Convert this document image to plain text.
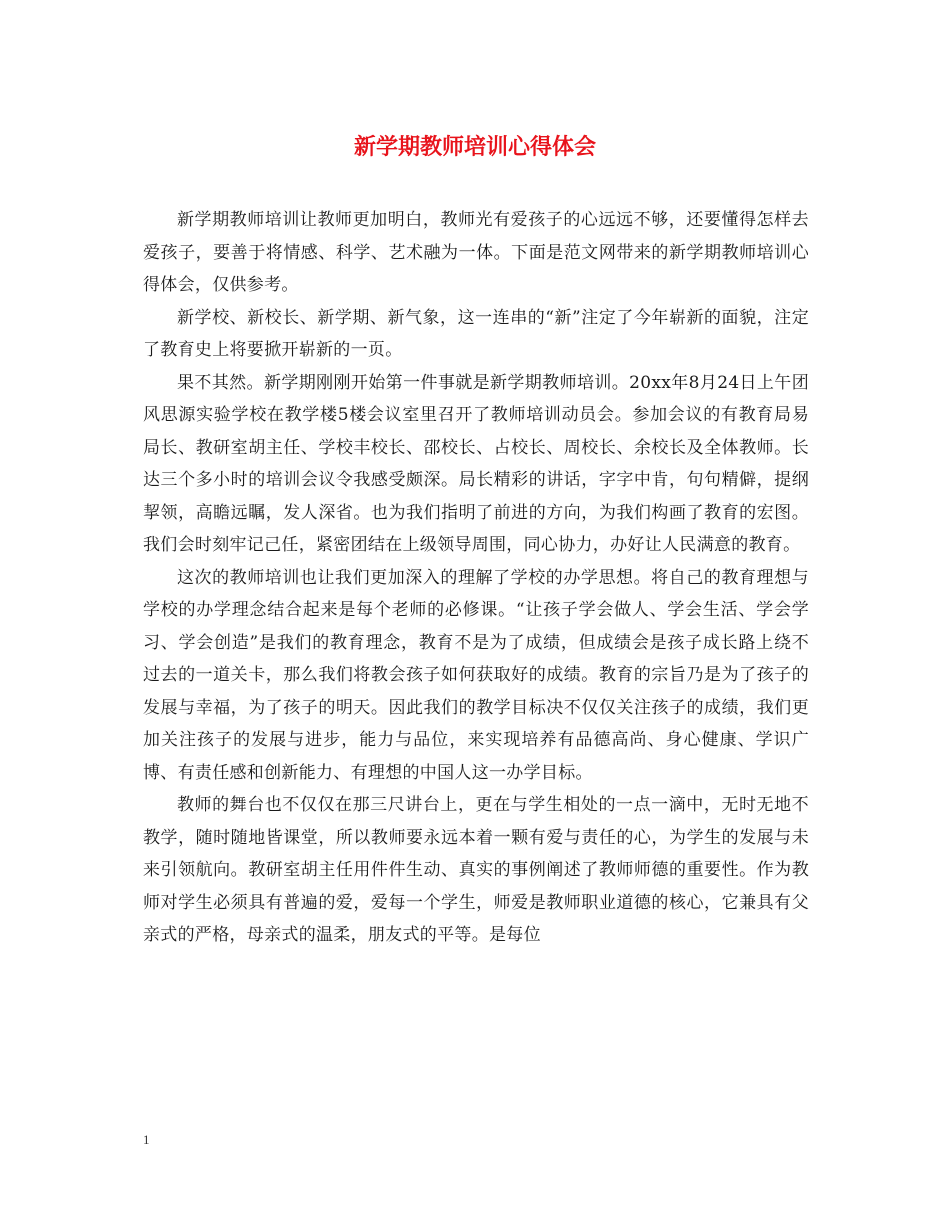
新学期教师培训心得体会

新学期教师培训让教师更加明白，教师光有爱孩子的心远远不够，还要懂得怎样去爱孩子，要善于将情感、科学、艺术融为一体。下面是范文网带来的新学期教师培训心得体会，仅供参考。

新学校、新校长、新学期、新气象，这一连串的“新”注定了今年崭新的面貌，注定了教育史上将要掀开崭新的一页。

果不其然。新学期刚刚开始第一件事就是新学期教师培训。20xx年8月24日上午团风思源实验学校在教学楼5楼会议室里召开了教师培训动员会。参加会议的有教育局易局长、教研室胡主任、学校丰校长、邵校长、占校长、周校长、余校长及全体教师。长达三个多小时的培训会议令我感受颇深。局长精彩的讲话，字字中肯，句句精僻，提纲挈领，高瞻远瞩，发人深省。也为我们指明了前进的方向，为我们构画了教育的宏图。我们会时刻牢记己任，紧密团结在上级领导周围，同心协力，办好让人民满意的教育。

这次的教师培训也让我们更加深入的理解了学校的办学思想。将自己的教育理想与学校的办学理念结合起来是每个老师的必修课。“让孩子学会做人、学会生活、学会学习、学会创造”是我们的教育理念，教育不是为了成绩，但成绩会是孩子成长路上绕不过去的一道关卡，那么我们将教会孩子如何获取好的成绩。教育的宗旨乃是为了孩子的发展与幸福，为了孩子的明天。因此我们的教学目标决不仅仅关注孩子的成绩，我们更加关注孩子的发展与进步，能力与品位，来实现培养有品德高尚、身心健康、学识广博、有责任感和创新能力、有理想的中国人这一办学目标。

教师的舞台也不仅仅在那三尺讲台上，更在与学生相处的一点一滴中，无时无地不教学，随时随地皆课堂，所以教师要永远本着一颗有爱与责任的心，为学生的发展与未来引领航向。教研室胡主任用件件生动、真实的事例阐述了教师师德的重要性。作为教师对学生必须具有普遍的爱，爱每一个学生，师爱是教师职业道德的核心，它兼具有父亲式的严格，母亲式的温柔，朋友式的平等。是每位

1
